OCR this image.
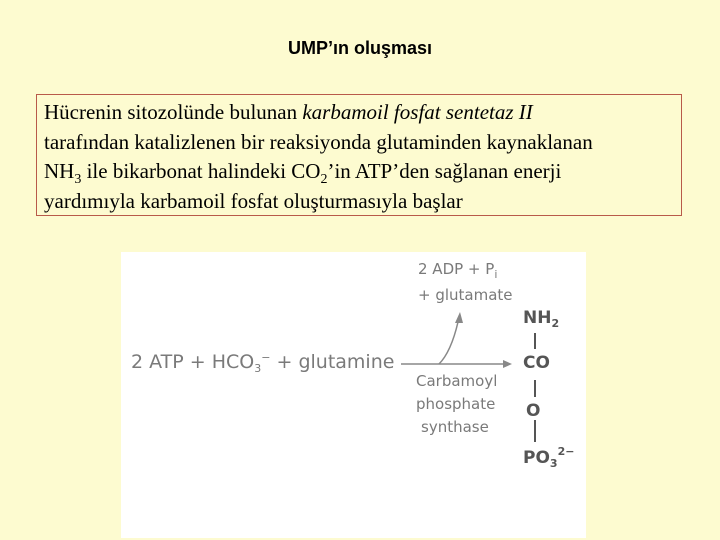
UMP’ın oluşması
Hücrenin sitozolünde bulunan karbamoil fosfat sentetaz II
tarafından katalizlenen bir reaksiyonda glutaminden kaynaklanan
$NH_3$ ile bikarbonat halindeki $CO_2’in$ ATP’den sağlanan enerji
yardımıyla karbamoil fosfat oluşturmasıyla başlar
2 ADP + $P_i$
+ glutamate
2 ATP + $HCO_3^-$ + glutamine
Carbamoyl
phosphate
synthase
$NH_2$
CO
O
$PO_3^{2-}$
